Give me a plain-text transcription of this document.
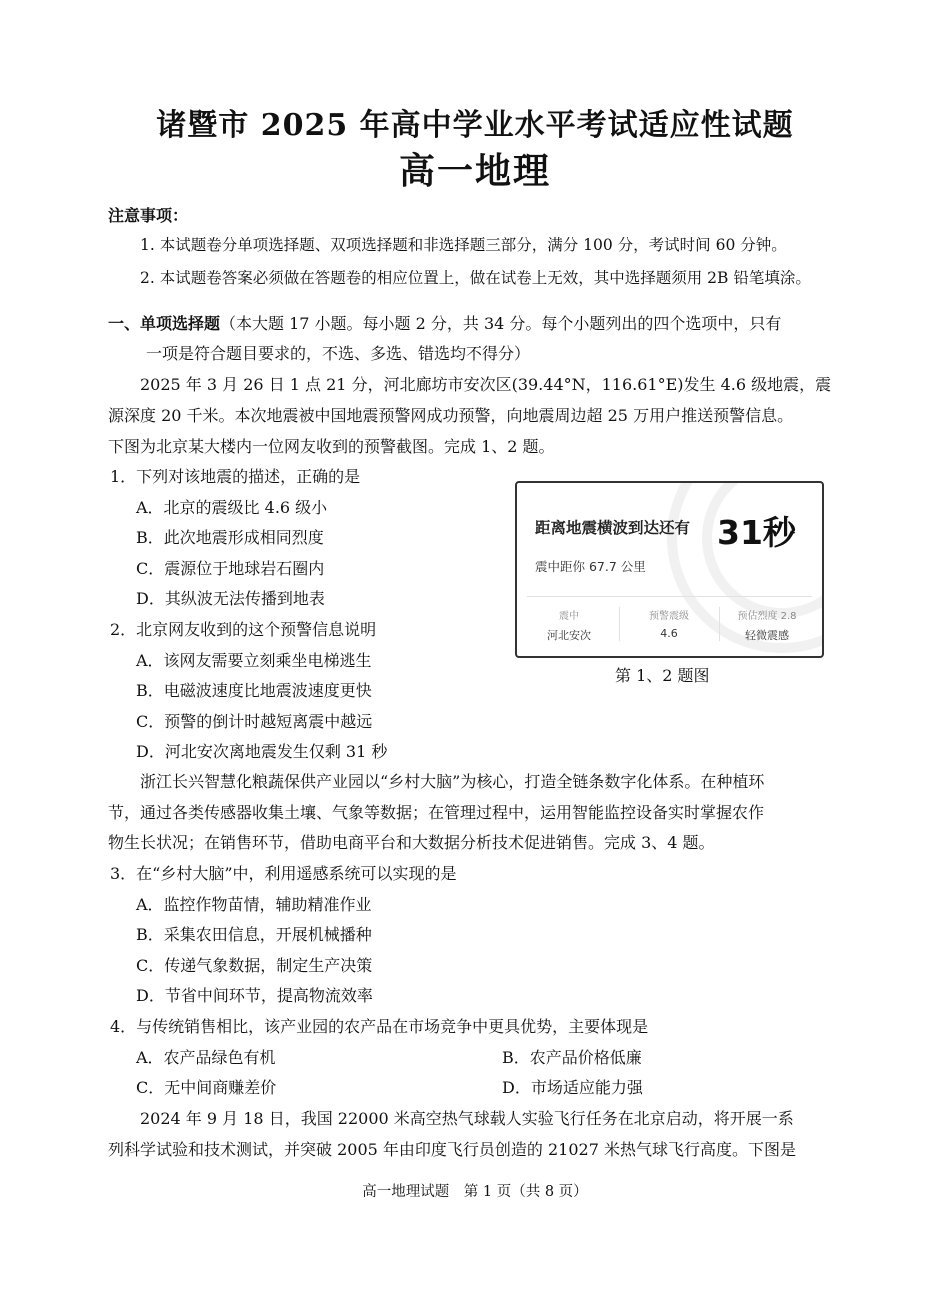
诸暨市 2025 年高中学业水平考试适应性试题
高一地理
注意事项：
1. 本试题卷分单项选择题、双项选择题和非选择题三部分，满分 100 分，考试时间 60 分钟。
2. 本试题卷答案必须做在答题卷的相应位置上，做在试卷上无效，其中选择题须用 2B 铅笔填涂。
一、单项选择题（本大题 17 小题。每小题 2 分，共 34 分。每个小题列出的四个选项中，只有
一项是符合题目要求的，不选、多选、错选均不得分）
　　2025 年 3 月 26 日 1 点 21 分，河北廊坊市安次区(39.44°N，116.61°E)发生 4.6 级地震，震
源深度 20 千米。本次地震被中国地震预警网成功预警，向地震周边超 25 万用户推送预警信息。
下图为北京某大楼内一位网友收到的预警截图。完成 1、2 题。
1．下列对该地震的描述，正确的是
A．北京的震级比 4.6 级小
B．此次地震形成相同烈度
C．震源位于地球岩石圈内
D．其纵波无法传播到地表
2．北京网友收到的这个预警信息说明
A．该网友需要立刻乘坐电梯逃生
B．电磁波速度比地震波速度更快
C．预警的倒计时越短离震中越远
D．河北安次离地震发生仅剩 31 秒
距离地震横波到达还有 31秒
震中距你 67.7 公里
震中
河北安次
预警震级
4.6
预估烈度 2.8
轻微震感
第 1、2 题图
　　浙江长兴智慧化粮蔬保供产业园以“乡村大脑”为核心，打造全链条数字化体系。在种植环
节，通过各类传感器收集土壤、气象等数据；在管理过程中，运用智能监控设备实时掌握农作
物生长状况；在销售环节，借助电商平台和大数据分析技术促进销售。完成 3、4 题。
3．在“乡村大脑”中，利用遥感系统可以实现的是
A．监控作物苗情，辅助精准作业
B．采集农田信息，开展机械播种
C．传递气象数据，制定生产决策
D．节省中间环节，提高物流效率
4．与传统销售相比，该产业园的农产品在市场竞争中更具优势，主要体现是
A．农产品绿色有机	B．农产品价格低廉
C．无中间商赚差价	D．市场适应能力强
　　2024 年 9 月 18 日，我国 22000 米高空热气球载人实验飞行任务在北京启动，将开展一系
列科学试验和技术测试，并突破 2005 年由印度飞行员创造的 21027 米热气球飞行高度。下图是
高一地理试题　第 1 页（共 8 页）
